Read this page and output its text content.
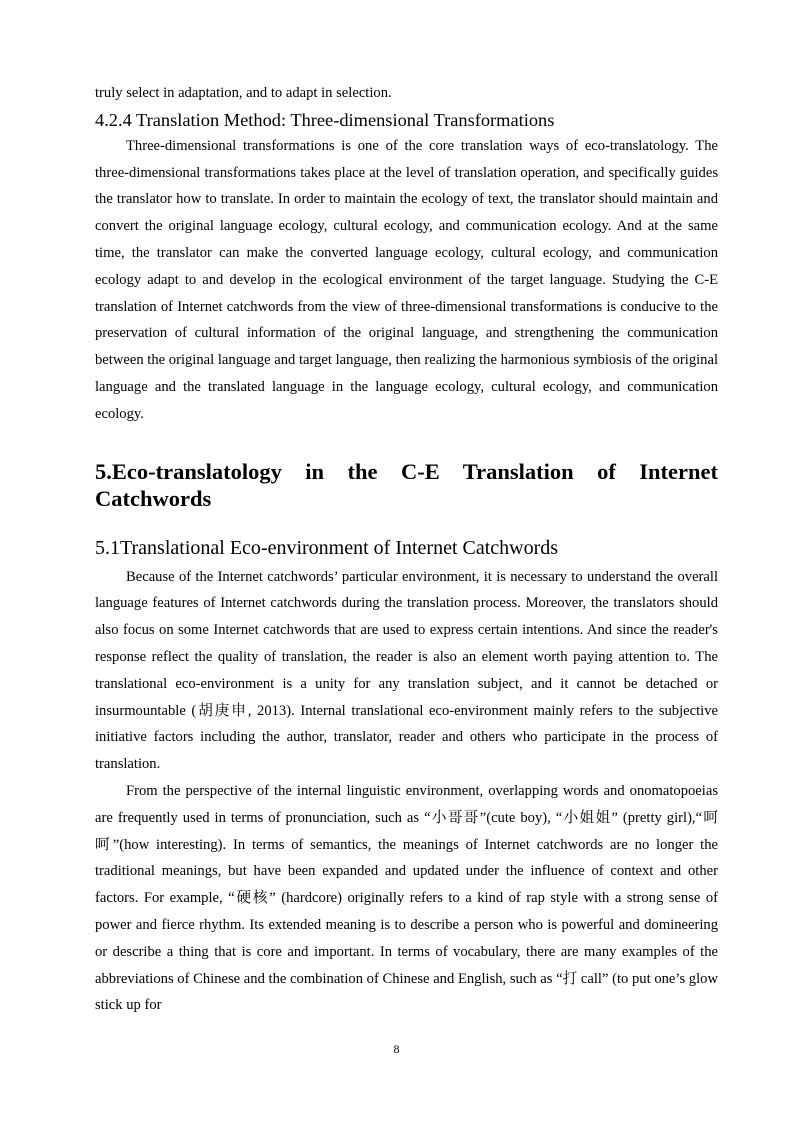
truly select in adaptation, and to adapt in selection.

4.2.4 Translation Method: Three-dimensional Transformations

Three-dimensional transformations is one of the core translation ways of eco-translatology. The three-dimensional transformations takes place at the level of translation operation, and specifically guides the translator how to translate. In order to maintain the ecology of text, the translator should maintain and convert the original language ecology, cultural ecology, and communication ecology. And at the same time, the translator can make the converted language ecology, cultural ecology, and communication ecology adapt to and develop in the ecological environment of the target language. Studying the C-E translation of Internet catchwords from the view of three-dimensional transformations is conducive to the preservation of cultural information of the original language, and strengthening the communication between the original language and target language, then realizing the harmonious symbiosis of the original language and the translated language in the language ecology, cultural ecology, and communication ecology.

5.Eco-translatology in the C-E Translation of Internet Catchwords
5.1Translational Eco-environment of Internet Catchwords

Because of the Internet catchwords’ particular environment, it is necessary to understand the overall language features of Internet catchwords during the translation process. Moreover, the translators should also focus on some Internet catchwords that are used to express certain intentions. And since the reader's response reflect the quality of translation, the reader is also an element worth paying attention to. The translational eco-environment is a unity for any translation subject, and it cannot be detached or insurmountable (胡庚申, 2013). Internal translational eco-environment mainly refers to the subjective initiative factors including the author, translator, reader and others who participate in the process of translation.

From the perspective of the internal linguistic environment, overlapping words and onomatopoeias are frequently used in terms of pronunciation, such as “小哥哥”(cute boy), “小姐姐” (pretty girl),“呵呵”(how interesting). In terms of semantics, the meanings of Internet catchwords are no longer the traditional meanings, but have been expanded and updated under the influence of context and other factors. For example, “硬核” (hardcore) originally refers to a kind of rap style with a strong sense of power and fierce rhythm. Its extended meaning is to describe a person who is powerful and domineering or describe a thing that is core and important. In terms of vocabulary, there are many examples of the abbreviations of Chinese and the combination of Chinese and English, such as “打 call” (to put one’s glow stick up for

8
